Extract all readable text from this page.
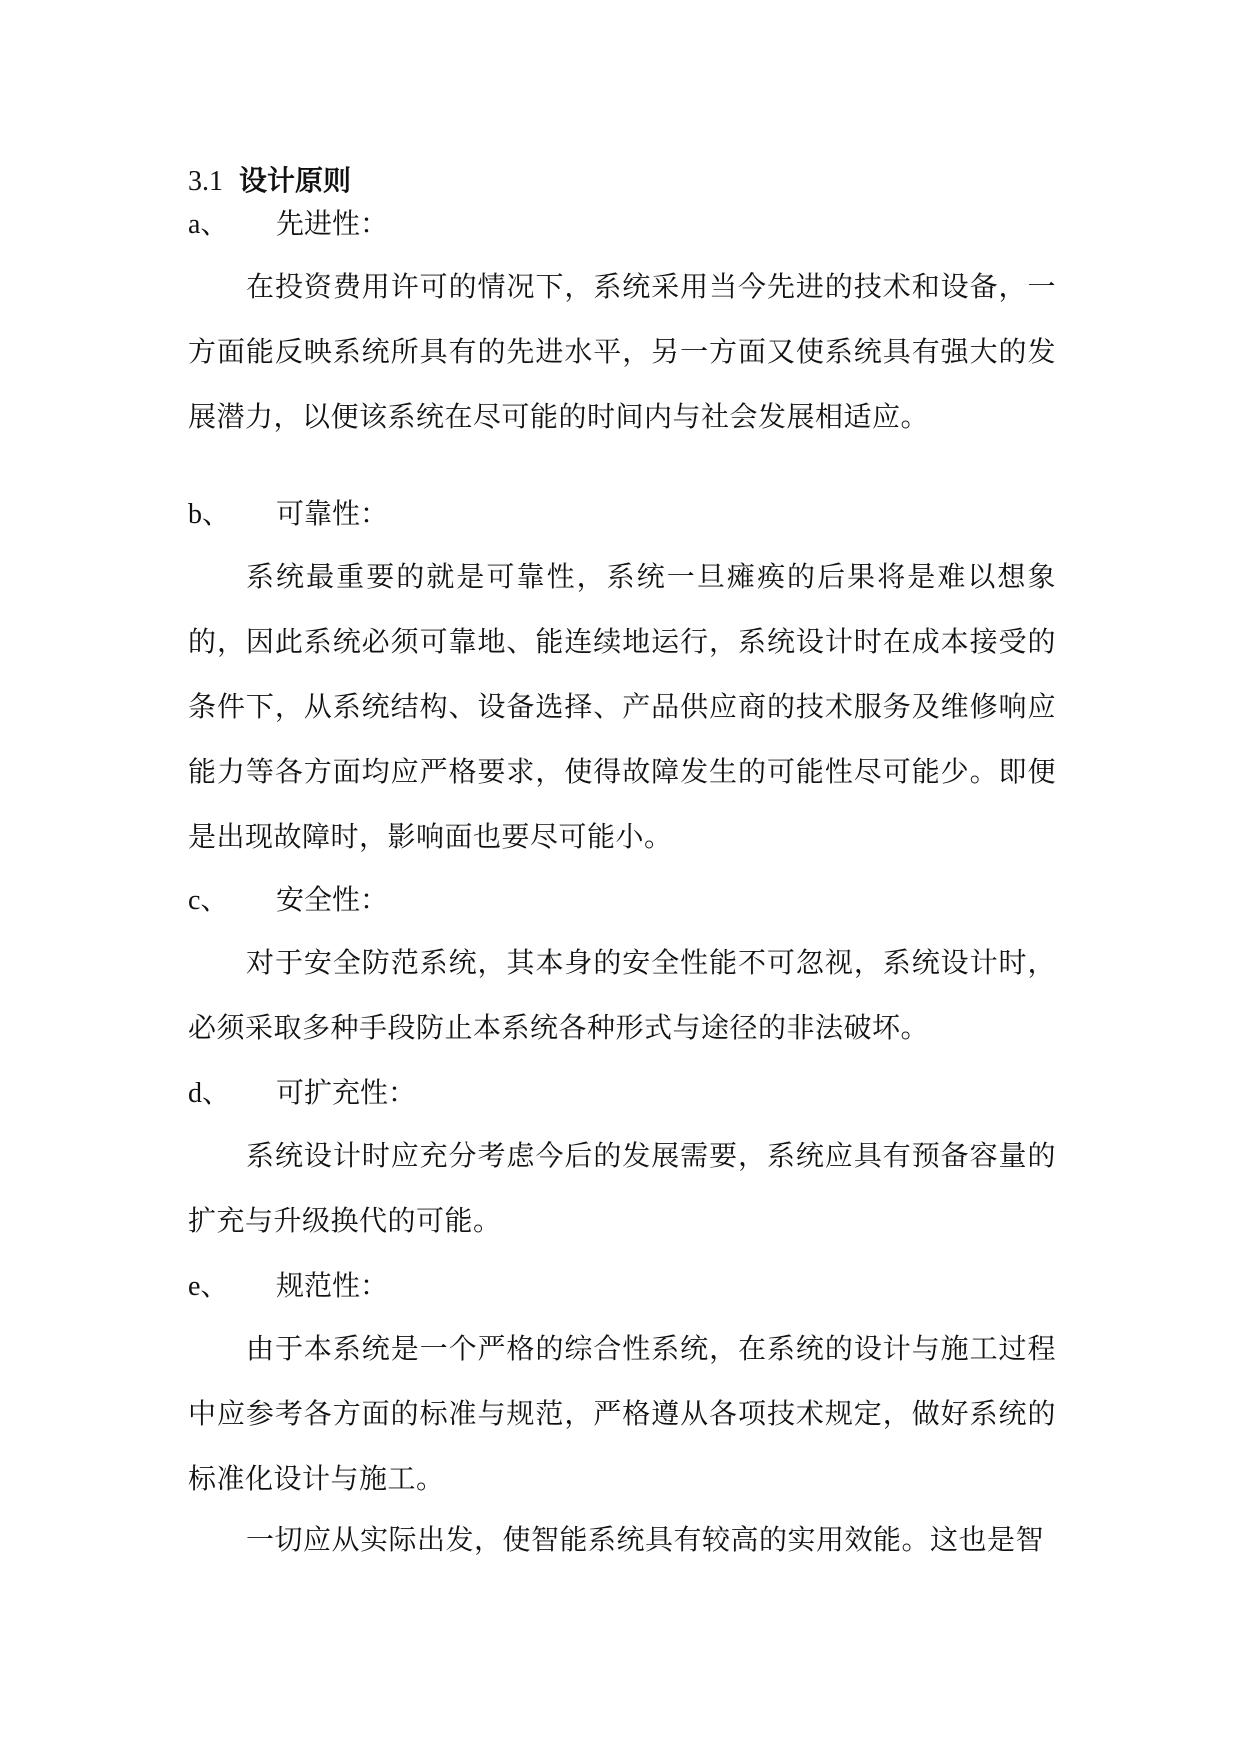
3.1 设计原则
a、 先进性：
在投资费用许可的情况下，系统采用当今先进的技术和设备，一方面能反映系统所具有的先进水平，另一方面又使系统具有强大的发展潜力，以便该系统在尽可能的时间内与社会发展相适应。
b、 可靠性：
系统最重要的就是可靠性，系统一旦瘫痪的后果将是难以想象的，因此系统必须可靠地、能连续地运行，系统设计时在成本接受的条件下，从系统结构、设备选择、产品供应商的技术服务及维修响应能力等各方面均应严格要求，使得故障发生的可能性尽可能少。即便是出现故障时，影响面也要尽可能小。
c、 安全性：
对于安全防范系统，其本身的安全性能不可忽视，系统设计时，必须采取多种手段防止本系统各种形式与途径的非法破坏。
d、 可扩充性：
系统设计时应充分考虑今后的发展需要，系统应具有预备容量的扩充与升级换代的可能。
e、 规范性：
由于本系统是一个严格的综合性系统，在系统的设计与施工过程中应参考各方面的标准与规范，严格遵从各项技术规定，做好系统的标准化设计与施工。
一切应从实际出发，使智能系统具有较高的实用效能。这也是智
